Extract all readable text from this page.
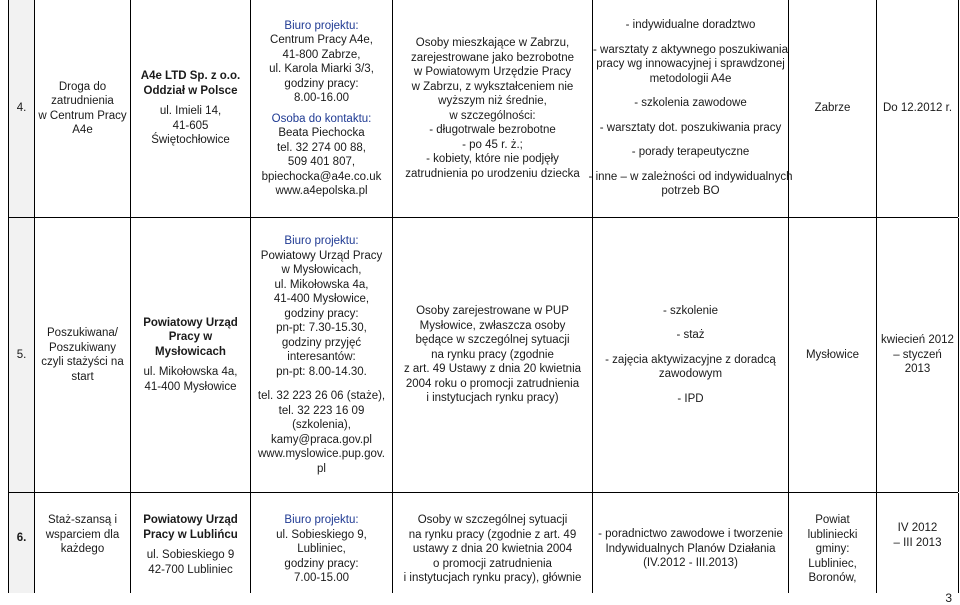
4.
Droga do
zatrudnienia
w Centrum Pracy
A4e
A4e LTD Sp. z o.o.
Oddział w Polsce
ul. Imieli 14,
41-605
Świętochłowice
Biuro projektu:
Centrum Pracy A4e,
41-800 Zabrze,
ul. Karola Miarki 3/3,
godziny pracy:
8.00-16.00
Osoba do kontaktu:
Beata Piechocka
tel. 32 274 00 88,
509 401 807,
bpiechocka@a4e.co.uk
www.a4epolska.pl
Osoby mieszkające w Zabrzu,
zarejestrowane jako bezrobotne
w Powiatowym Urzędzie Pracy
w Zabrzu, z wykształceniem nie
wyższym niż średnie,
w szczególności:
- długotrwale bezrobotne
- po 45 r. ż.;
- kobiety, które nie podjęły
zatrudnienia po urodzeniu dziecka
- indywidualne doradztwo
- warsztaty z aktywnego poszukiwania
pracy wg innowacyjnej i sprawdzonej
metodologii A4e
- szkolenia zawodowe
- warsztaty dot. poszukiwania pracy
- porady terapeutyczne
- inne – w zależności od indywidualnych
potrzeb BO
Zabrze	Do 12.2012 r.
5.
Poszukiwana/
Poszukiwany
czyli stażyści na
start
Powiatowy Urząd
Pracy w
Mysłowicach
ul. Mikołowska 4a,
41-400 Mysłowice
Biuro projektu:
Powiatowy Urząd Pracy
w Mysłowicach,
ul. Mikołowska 4a,
41-400 Mysłowice,
godziny pracy:
pn-pt: 7.30-15.30,
godziny przyjęć
interesantów:
pn-pt: 8.00-14.30.
tel. 32 223 26 06 (staże),
tel. 32 223 16 09
(szkolenia),
kamy@praca.gov.pl
www.myslowice.pup.gov.
pl
Osoby zarejestrowane w PUP
Mysłowice, zwłaszcza osoby
będące w szczególnej sytuacji
na rynku pracy (zgodnie
z art. 49 Ustawy z dnia 20 kwietnia
2004 roku o promocji zatrudnienia
i instytucjach rynku pracy)
- szkolenie
- staż
- zajęcia aktywizacyjne z doradcą
zawodowym
- IPD
Mysłowice
kwiecień 2012
– styczeń
2013
6.
Staż-szansą i
wsparciem dla
każdego
Powiatowy Urząd
Pracy w Lublińcu
ul. Sobieskiego 9
42-700 Lubliniec
Biuro projektu:
ul. Sobieskiego 9,
Lubliniec,
godziny pracy:
7.00-15.00
Osoby w szczególnej sytuacji
na rynku pracy (zgodnie z art. 49
ustawy z dnia 20 kwietnia 2004
o promocji zatrudnienia
i instytucjach rynku pracy), głównie
- poradnictwo zawodowe i tworzenie
Indywidualnych Planów Działania
(IV.2012 - III.2013)
Powiat
lubliniecki
gminy:
Lubliniec,
Boronów,
IV 2012
– III 2013
3
